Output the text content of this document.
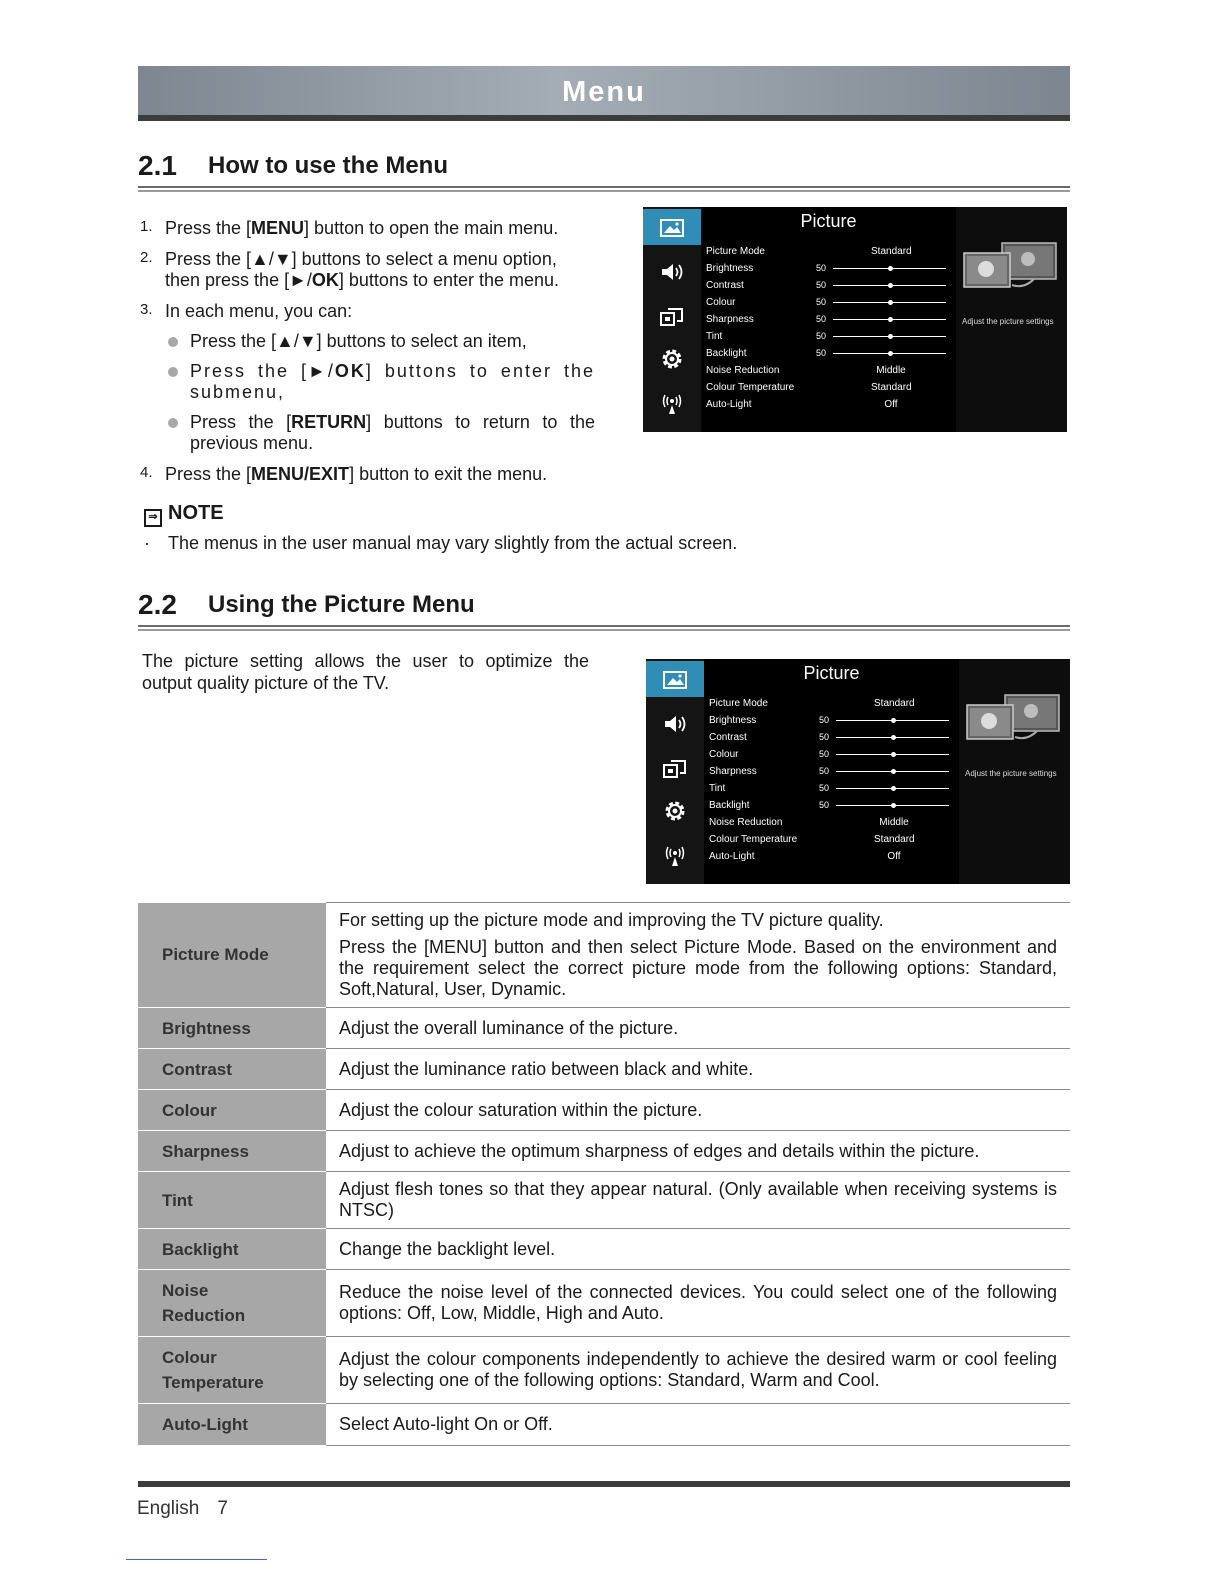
Menu
2.1 How to use the Menu
1. Press the [MENU] button to open the main menu.
2. Press the [▲/▼] buttons to select a menu option, then press the [►/OK] buttons to enter the menu.
3. In each menu, you can:
Press the [▲/▼] buttons to select an item,
Press the [►/OK] buttons to enter the submenu,
Press the [RETURN] buttons to return to the previous menu.
4. Press the [MENU/EXIT] button to exit the menu.
⇒ NOTE
· The menus in the user manual may vary slightly from the actual screen.
Adjust the picture settings
Picture
Picture Mode	Standard
Brightness	50
Contrast	50
Colour	50
Sharpness	50
Tint	50
Backlight	50
Noise Reduction	Middle
Colour Temperature	Standard
Auto-Light	Off
2.2 Using the Picture Menu
The picture setting allows the user to optimize the output quality picture of the TV.
Adjust the picture settings
Picture
Picture Mode	Standard
Brightness	50
Contrast	50
Colour	50
Sharpness	50
Tint	50
Backlight	50
Noise Reduction	Middle
Colour Temperature	Standard
Auto-Light	Off
Picture Mode	For setting up the picture mode and improving the TV picture quality.

Press the [MENU] button and then select Picture Mode. Based on the environment and the requirement select the correct picture mode from the following options: Standard, Soft,Natural, User, Dynamic.

Brightness	Adjust the overall luminance of the picture.

Contrast	Adjust the luminance ratio between black and white.

Colour	Adjust the colour saturation within the picture.

Sharpness	Adjust to achieve the optimum sharpness of edges and details within the picture.

Tint	Adjust flesh tones so that they appear natural. (Only available when receiving systems is NTSC)

Backlight	Change the backlight level.

Noise
Reduction	Reduce the noise level of the connected devices. You could select one of the following options: Off, Low, Middle, High and Auto.

Colour
Temperature	Adjust the colour components independently to achieve the desired warm or cool feeling by selecting one of the following options: Standard, Warm and Cool.

Auto-Light	Select Auto-light On or Off.

English 7
